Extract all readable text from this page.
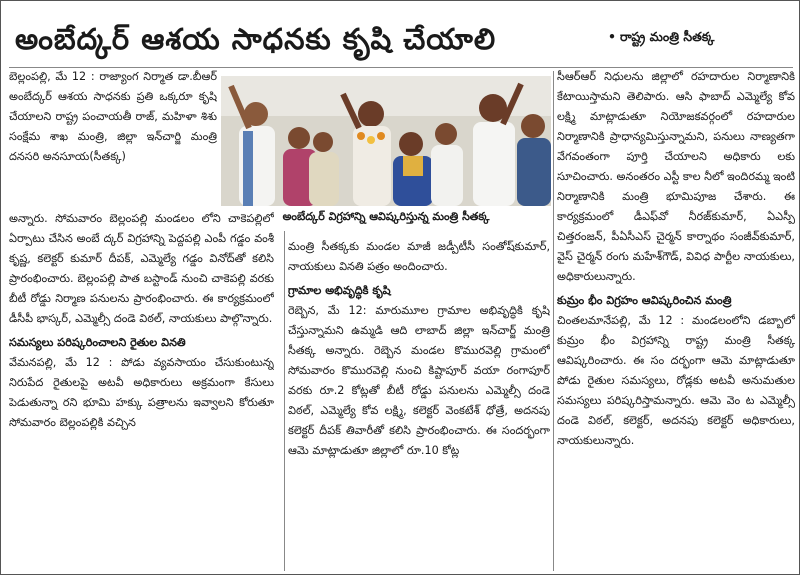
అంబేద్కర్ ఆశయ సాధనకు కృషి చేయాలి	• రాష్ట్ర మంత్రి సీతక్క
అంబేద్కర్ విగ్రహాన్ని ఆవిష్కరిస్తున్న మంత్రి సీతక్క

బెల్లంపల్లి, మే 12 : రాజ్యాంగ నిర్మాత డా.బీఆర్ అంబేద్కర్ ఆశయ సాధనకు ప్రతి ఒక్కరూ కృషి చేయాలని రాష్ట్ర పంచాయతీ రాజ్, మహిళా శిశు సంక్షేమ శాఖ మంత్రి, జిల్లా ఇన్‌చార్జి మంత్రి దనసరి అనసూయ(సీతక్క)

అన్నారు. సోమవారం బెల్లంపల్లి మండలం లోని చాకెపల్లిలో ఏర్పాటు చేసిన అంబే ద్కర్ విగ్రహాన్ని పెద్దపల్లి ఎంపీ గడ్డం వంశీ కృష్ణ, కలెక్టర్ కుమార్ దీపక్, ఎమ్మెల్యే గడ్డం వినోద్‌తో కలిసి ప్రారంభించారు. బెల్లంపల్లి పాత బస్టాండ్ నుంచి చాకెపల్లి వరకు బీటీ రోడ్డు నిర్మాణ పనులను ప్రారంభించారు. ఈ కార్యక్రమంలో డీసీపీ భాస్కర్, ఎమ్మెల్సీ దండె విఠల్, నాయకులు పాల్గొన్నారు.

సమస్యలు పరిష్కరించాలని రైతుల వినతి

వేమనపల్లి, మే 12 : పోడు వ్యవసాయం చేసుకుంటున్న నిరుపేద రైతులపై అటవీ అధికారులు అక్రమంగా కేసులు పెడుతున్నా రని భూమి హక్కు పత్రాలను ఇవ్వాలని కోరుతూ సోమవారం బెల్లంపల్లికి వచ్చిన

మంత్రి సీతక్కకు మండల మాజీ జడ్పీటీసీ సంతోష్‌కుమార్, నాయకులు వినతి పత్రం అందించారు.

గ్రామాల అభివృద్ధికి కృషి

రెబ్బెన, మే 12: మారుమూల గ్రామాల అభివృద్ధికి కృషి చేస్తున్నామని ఉమ్మడి ఆది లాబాద్ జిల్లా ఇన్‌చార్జ్ మంత్రి సీతక్క అన్నారు. రెబ్బెన మండల కొమురవెల్లి గ్రామంలో సోమవారం కొమురవెల్లి నుంచి కిష్టాపూర్ వయా రంగాపూర్ వరకు రూ.2 కోట్లతో బీటీ రోడ్డు పనులను ఎమ్మెల్సీ దండె విఠల్, ఎమ్మెల్యే కోవ లక్ష్మి, కలెక్టర్ వెంకటేశ్ ధోత్రే, అదనపు కలెక్టర్ దీపక్ తివారీతో కలిసి ప్రారంభించారు. ఈ సందర్భంగా ఆమె మాట్లాడుతూ జిల్లాలో రూ.10 కోట్ల

సీఆర్ఆర్ నిధులను జిల్లాలో రహదారుల నిర్మాణానికి కేటాయిస్తామని తెలిపారు. ఆసి ఫాబాద్ ఎమ్మెల్యే కోవ లక్ష్మి మాట్లాడుతూ నియోజకవర్గంలో రహదారుల నిర్మాణానికి ప్రాధాన్యమిస్తున్నామని, పనులు నాణ్యతగా వేగవంతంగా పూర్తి చేయాలని అధికారు లకు సూచించారు. అనంతరం ఎస్టీ కాల నీలో ఇందిరమ్మ ఇంటి నిర్మాణానికి మంత్రి భూమిపూజ చేశారు. ఈ కార్యక్రమంలో డీఎఫ్‌వో నీరజ్‌కుమార్, ఏఎస్పీ చిత్తరంజన్, పీఏసీఎస్ చైర్మన్ కార్నాథం సంజీవ్‌కుమార్, వైస్ చైర్మన్ రంగు మహేశ్‌గౌడ్, వివిధ పార్టీల నాయకులు, అధికారులున్నారు.

కుమ్రం భీం విగ్రహం ఆవిష్కరించిన మంత్రి

చింతలమానేపల్లి, మే 12 : మండలంలోని డబ్బాలో కుమ్రం భీం విగ్రహాన్ని రాష్ట్ర మంత్రి సీతక్క ఆవిష్కరించారు. ఈ సం దర్భంగా ఆమె మాట్లాడుతూ పోడు రైతుల సమస్యలు, రోడ్లకు అటవీ అనుమతుల సమస్యలు పరిష్కరిస్తామన్నారు. ఆమె వెం ట ఎమ్మెల్సీ దండె విఠల్, కలెక్టర్, అదనపు కలెక్టర్ అధికారులు, నాయకులున్నారు.
